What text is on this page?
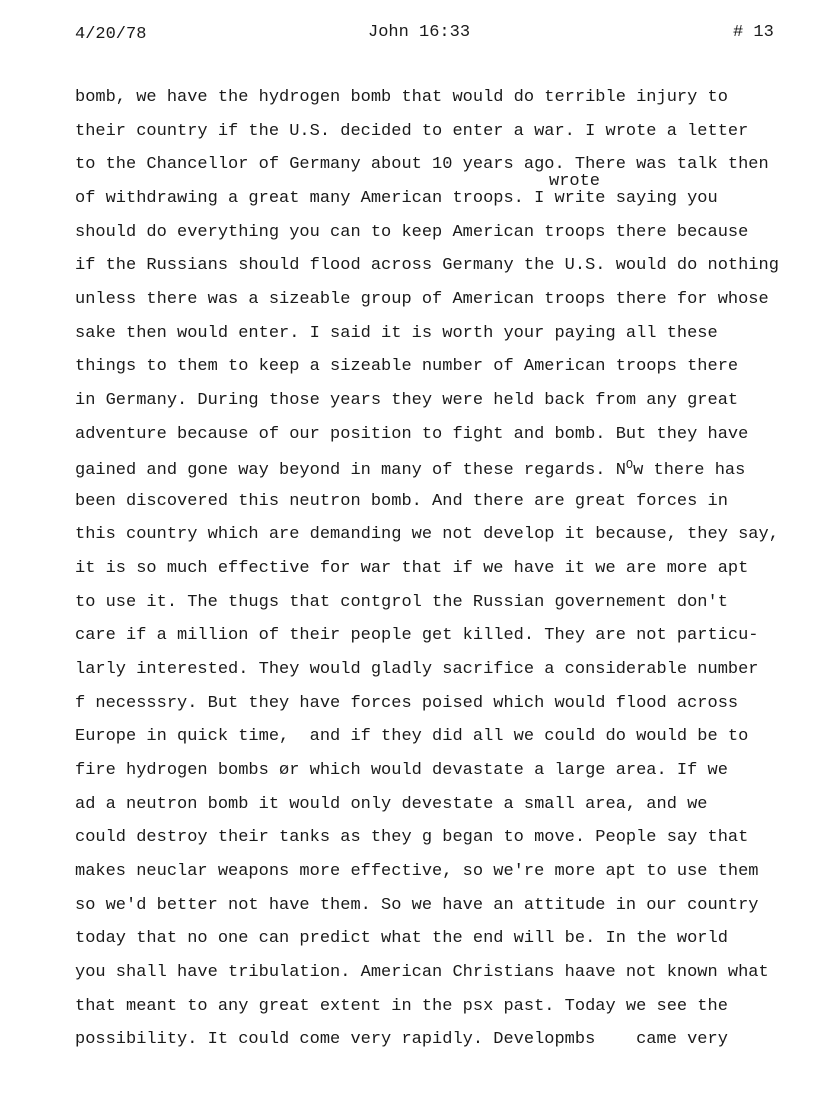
4/20/78	John 16:33	# 13
wrote
bomb, we have the hydrogen bomb that would do terrible injury to
their country if the U.S. decided to enter a war. I wrote a letter
to the Chancellor of Germany about 10 years ago. There was talk then
of withdrawing a great many American troops. I write saying you
should do everything you can to keep American troops there because
if the Russians should flood across Germany the U.S. would do nothing
unless there was a sizeable group of American troops there for whose
sake then would enter. I said it is worth your paying all these
things to them to keep a sizeable number of American troops there
in Germany. During those years they were held back from any great
adventure because of our position to fight and bomb. But they have
gained and gone way beyond in many of these regards. $N^Ow$ there has
been discovered this neutron bomb. And there are great forces in
this country which are demanding we not develop it because, they say,
it is so much effective for war that if we have it we are more apt
to use it. The thugs that contgrol the Russian governement don't
care if a million of their people get killed. They are not particu-
larly interested. They would gladly sacrifice a considerable number
f necesssry. But they have forces poised which would flood across
Europe in quick time,  and if they did all we could do would be to
fire hydrogen bombs ør which would devastate a large area. If we
ad a neutron bomb it would only devestate a small area, and we
could destroy their tanks as they g began to move. People say that
makes neuclar weapons more effective, so we're more apt to use them
so we'd better not have them. So we have an attitude in our country
today that no one can predict what the end will be. In the world
you shall have tribulation. American Christians haave not known what
that meant to any great extent in the psx past. Today we see the
possibility. It could come very rapidly. Developmbs    came very
